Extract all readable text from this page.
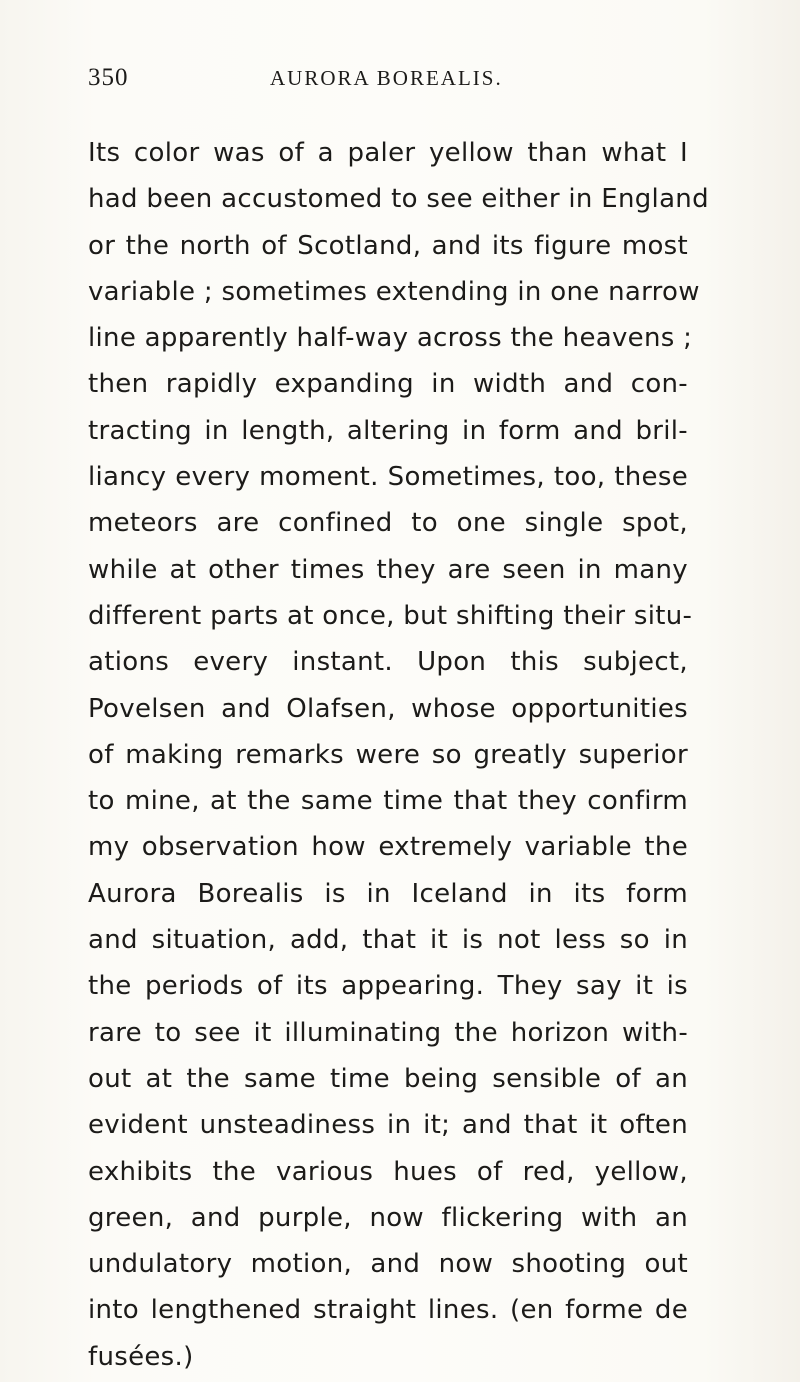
350	AURORA BOREALIS.
Its color was of a paler yellow than what I
had been accustomed to see either in England
or the north of Scotland, and its figure most
variable ; sometimes extending in one narrow
line apparently half-way across the heavens ;
then rapidly expanding in width and con-
tracting in length, altering in form and bril-
liancy every moment. Sometimes, too, these
meteors are confined to one single spot,
while at other times they are seen in many
different parts at once, but shifting their situ-
ations every instant. Upon this subject,
Povelsen and Olafsen, whose opportunities
of making remarks were so greatly superior
to mine, at the same time that they confirm
my observation how extremely variable the
Aurora Borealis is in Iceland in its form
and situation, add, that it is not less so in
the periods of its appearing. They say it is
rare to see it illuminating the horizon with-
out at the same time being sensible of an
evident unsteadiness in it; and that it often
exhibits the various hues of red, yellow,
green, and purple, now flickering with an
undulatory motion, and now shooting out
into lengthened straight lines. (en forme de
fusées.)
